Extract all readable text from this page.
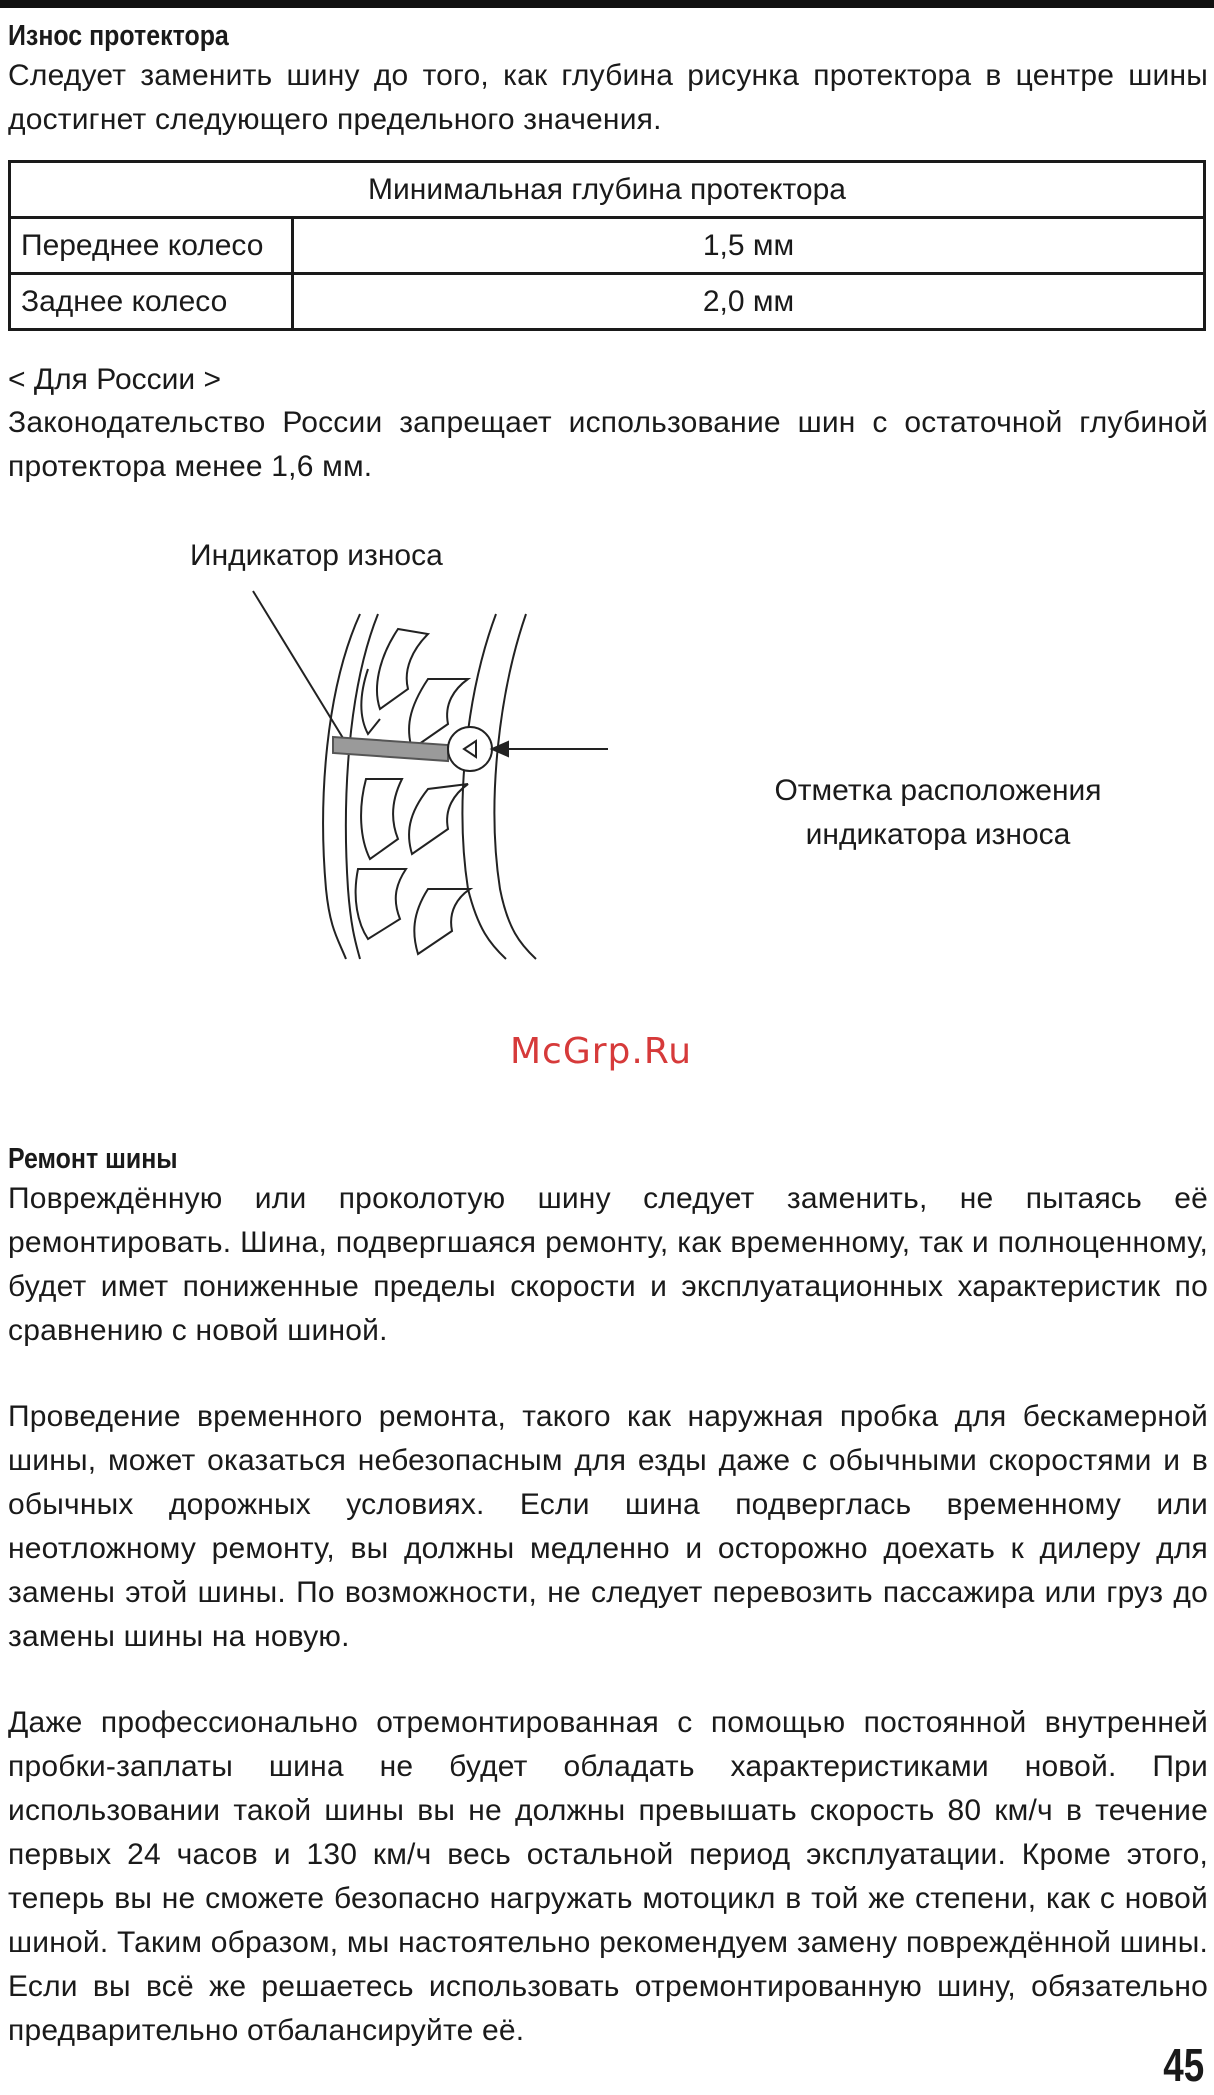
Износ протектора

Следует заменить шину до того, как глубина рисунка протектора в центре шины достигнет следующего предельного значения.

Минимальная глубина протектора	
Переднее колесо	1,5 мм
Заднее колесо	2,0 мм

< Для России >

Законодательство России запрещает использование шин с остаточной глубиной протектора менее 1,6 мм.

Индикатор износа
Отметка расположения индикатора износа
McGrp.Ru
Ремонт шины

Повреждённую или проколотую шину следует заменить, не пытаясь её ремонтировать. Шина, подвергшаяся ремонту, как временному, так и полноценному, будет имет пониженные пределы скорости и эксплуатационных характеристик по сравнению с новой шиной.

Проведение временного ремонта, такого как наружная пробка для бескамерной шины, может оказаться небезопасным для езды даже с обычными скоростями и в обычных дорожных условиях. Если шина подверглась временному или неотложному ремонту, вы должны медленно и осторожно доехать к дилеру для замены этой шины. По возможности, не следует перевозить пассажира или груз до замены шины на новую.

Даже профессионально отремонтированная с помощью постоянной внутренней пробки-заплаты шина не будет обладать характеристиками новой. При использовании такой шины вы не должны превышать скорость 80 км/ч в течение первых 24 часов и 130 км/ч весь остальной период эксплуатации. Кроме этого, теперь вы не сможете безопасно нагружать мотоцикл в той же степени, как с новой шиной. Таким образом, мы настоятельно рекомендуем замену повреждённой шины. Если вы всё же решаетесь использовать отремонтированную шину, обязательно предварительно отбалансируйте её.

45
